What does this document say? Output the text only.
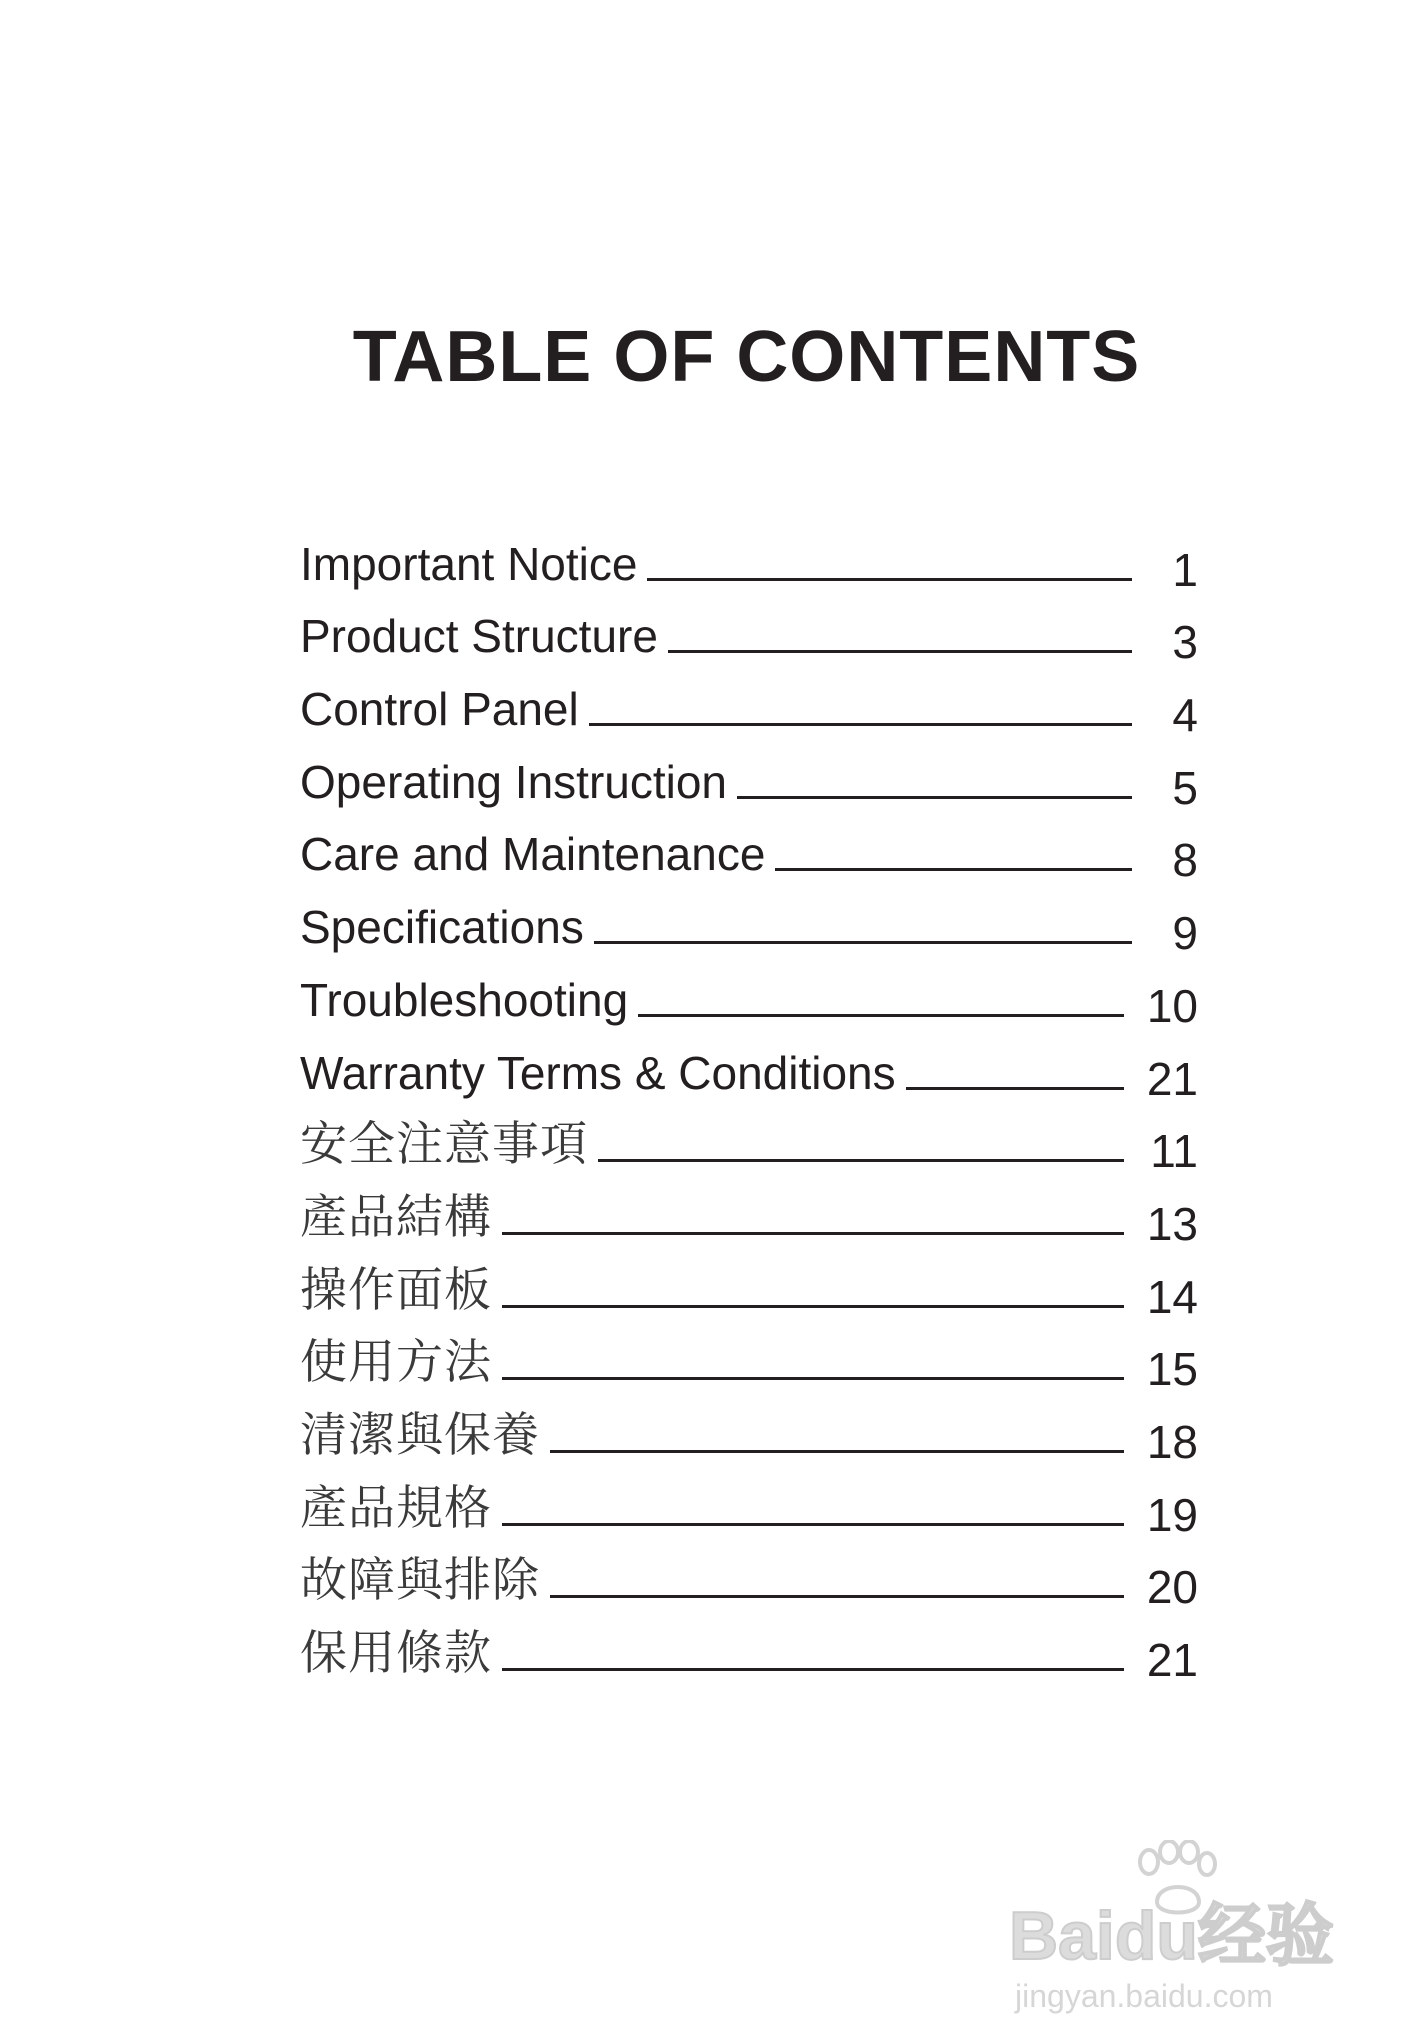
TABLE OF CONTENTS
Important Notice	1
Product Structure	3
Control Panel	4
Operating Instruction	5
Care and Maintenance	8
Specifications	9
Troubleshooting	10
Warranty Terms & Conditions	21
安全注意事項	11
產品結構	13
操作面板	14
使用方法	15
清潔與保養	18
產品規格	19
故障與排除	20
保用條款	21
Baidu经验
jingyan.baidu.com
